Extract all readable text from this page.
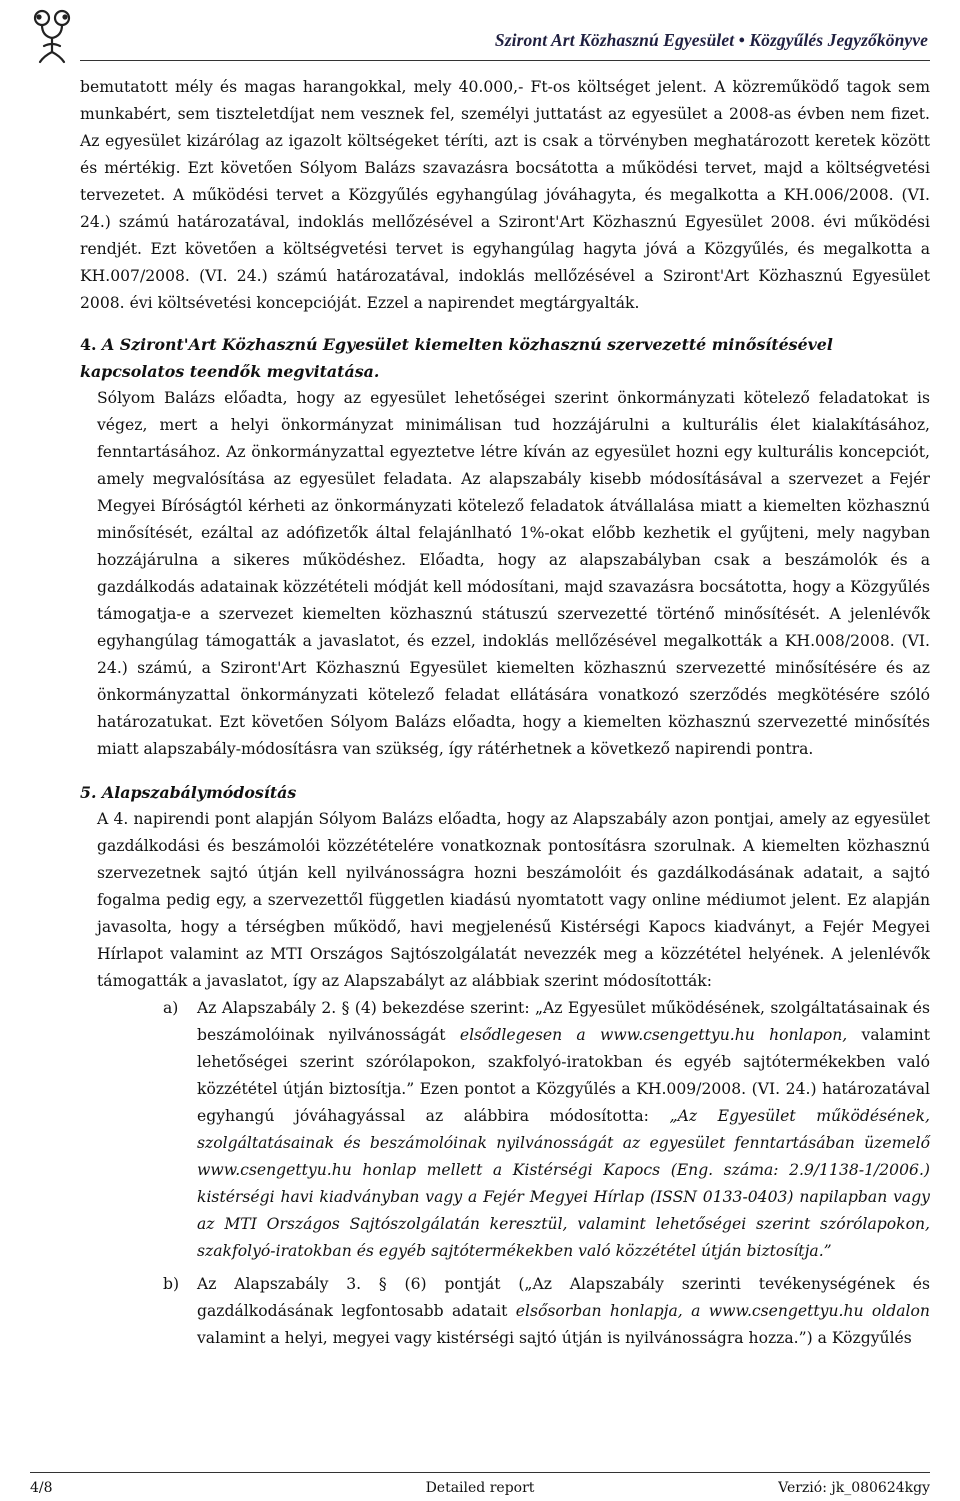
Sziront Art Közhasznú Egyesület • Közgyűlés Jegyzőkönyve

bemutatott mély és magas harangokkal, mely 40.000,- Ft-os költséget jelent. A közreműködő tagok sem munkabért, sem tiszteletdíjat nem vesznek fel, személyi juttatást az egyesület a 2008-as évben nem fizet. Az egyesület kizárólag az igazolt költségeket téríti, azt is csak a törvényben meghatározott keretek között és mértékig. Ezt követően Sólyom Balázs szavazásra bocsátotta a működési tervet, majd a költségvetési tervezetet. A működési tervet a Közgyűlés egyhangúlag jóváhagyta, és megalkotta a KH.006/2008. (VI. 24.) számú határozatával, indoklás mellőzésével a Sziront'Art Közhasznú Egyesület 2008. évi működési rendjét. Ezt követően a költségvetési tervet is egyhangúlag hagyta jóvá a Közgyűlés, és megalkotta a KH.007/2008. (VI. 24.) számú határozatával, indoklás mellőzésével a Sziront'Art Közhasznú Egyesület 2008. évi költsévetési koncepcióját. Ezzel a napirendet megtárgyalták.

4. A Sziront'Art Közhasznú Egyesület kiemelten közhasznú szervezetté minősítésével kapcsolatos teendők megvitatása.

Sólyom Balázs előadta, hogy az egyesület lehetőségei szerint önkormányzati kötelező feladatokat is végez, mert a helyi önkormányzat minimálisan tud hozzájárulni a kulturális élet kialakításához, fenntartásához. Az önkormányzattal egyeztetve létre kíván az egyesület hozni egy kulturális koncepciót, amely megvalósítása az egyesület feladata. Az alapszabály kisebb módosításával a szervezet a Fejér Megyei Bíróságtól kérheti az önkormányzati kötelező feladatok átvállalása miatt a kiemelten közhasznú minősítését, ezáltal az adófizetők által felajánlható 1%-okat előbb kezhetik el gyűjteni, mely nagyban hozzájárulna a sikeres működéshez. Előadta, hogy az alapszabályban csak a beszámolók és a gazdálkodás adatainak közzétételi módját kell módosítani, majd szavazásra bocsátotta, hogy a Közgyűlés támogatja-e a szervezet kiemelten közhasznú státuszú szervezetté történő minősítését. A jelenlévők egyhangúlag támogatták a javaslatot, és ezzel, indoklás mellőzésével megalkották a KH.008/2008. (VI. 24.) számú, a Sziront'Art Közhasznú Egyesület kiemelten közhasznú szervezetté minősítésére és az önkormányzattal önkormányzati kötelező feladat ellátására vonatkozó szerződés megkötésére szóló határozatukat. Ezt követően Sólyom Balázs előadta, hogy a kiemelten közhasznú szervezetté minősítés miatt alapszabály-módosításra van szükség, így rátérhetnek a következő napirendi pontra.

5. Alapszabálymódosítás

A 4. napirendi pont alapján Sólyom Balázs előadta, hogy az Alapszabály azon pontjai, amely az egyesület gazdálkodási és beszámolói közzétételére vonatkoznak pontosításra szorulnak. A kiemelten közhasznú szervezetnek sajtó útján kell nyilvánosságra hozni beszámolóit és gazdálkodásának adatait, a sajtó fogalma pedig egy, a szervezettől független kiadású nyomtatott vagy online médiumot jelent. Ez alapján javasolta, hogy a térségben működő, havi megjelenésű Kistérségi Kapocs kiadványt, a Fejér Megyei Hírlapot valamint az MTI Országos Sajtószolgálatát nevezzék meg a közzététel helyének. A jelenlévők támogatták a javaslatot, így az Alapszabályt az alábbiak szerint módosították:

a) Az Alapszabály 2. § (4) bekezdése szerint: „Az Egyesület működésének, szolgáltatásainak és beszámolóinak nyilvánosságát elsődlegesen a www.csengettyu.hu honlapon, valamint lehetőségei szerint szórólapokon, szakfolyó-iratokban és egyéb sajtótermékekben való közzététel útján biztosítja.” Ezen pontot a Közgyűlés a KH.009/2008. (VI. 24.) határozatával egyhangú jóváhagyással az alábbira módosította: „Az Egyesület működésének, szolgáltatásainak és beszámolóinak nyilvánosságát az egyesület fenntartásában üzemelő www.csengettyu.hu honlap mellett a Kistérségi Kapocs (Eng. száma: 2.9/1138-1/2006.) kistérségi havi kiadványban vagy a Fejér Megyei Hírlap (ISSN 0133-0403) napilapban vagy az MTI Országos Sajtószolgálatán keresztül, valamint lehetőségei szerint szórólapokon, szakfolyó-iratokban és egyéb sajtótermékekben való közzététel útján biztosítja.”

b) Az Alapszabály 3. § (6) pontját („Az Alapszabály szerinti tevékenységének és gazdálkodásának legfontosabb adatait elsősorban honlapja, a www.csengettyu.hu oldalon valamint a helyi, megyei vagy kistérségi sajtó útján is nyilvánosságra hozza.”) a Közgyűlés

4/8	Detailed report	Verzió: jk_080624kgy
